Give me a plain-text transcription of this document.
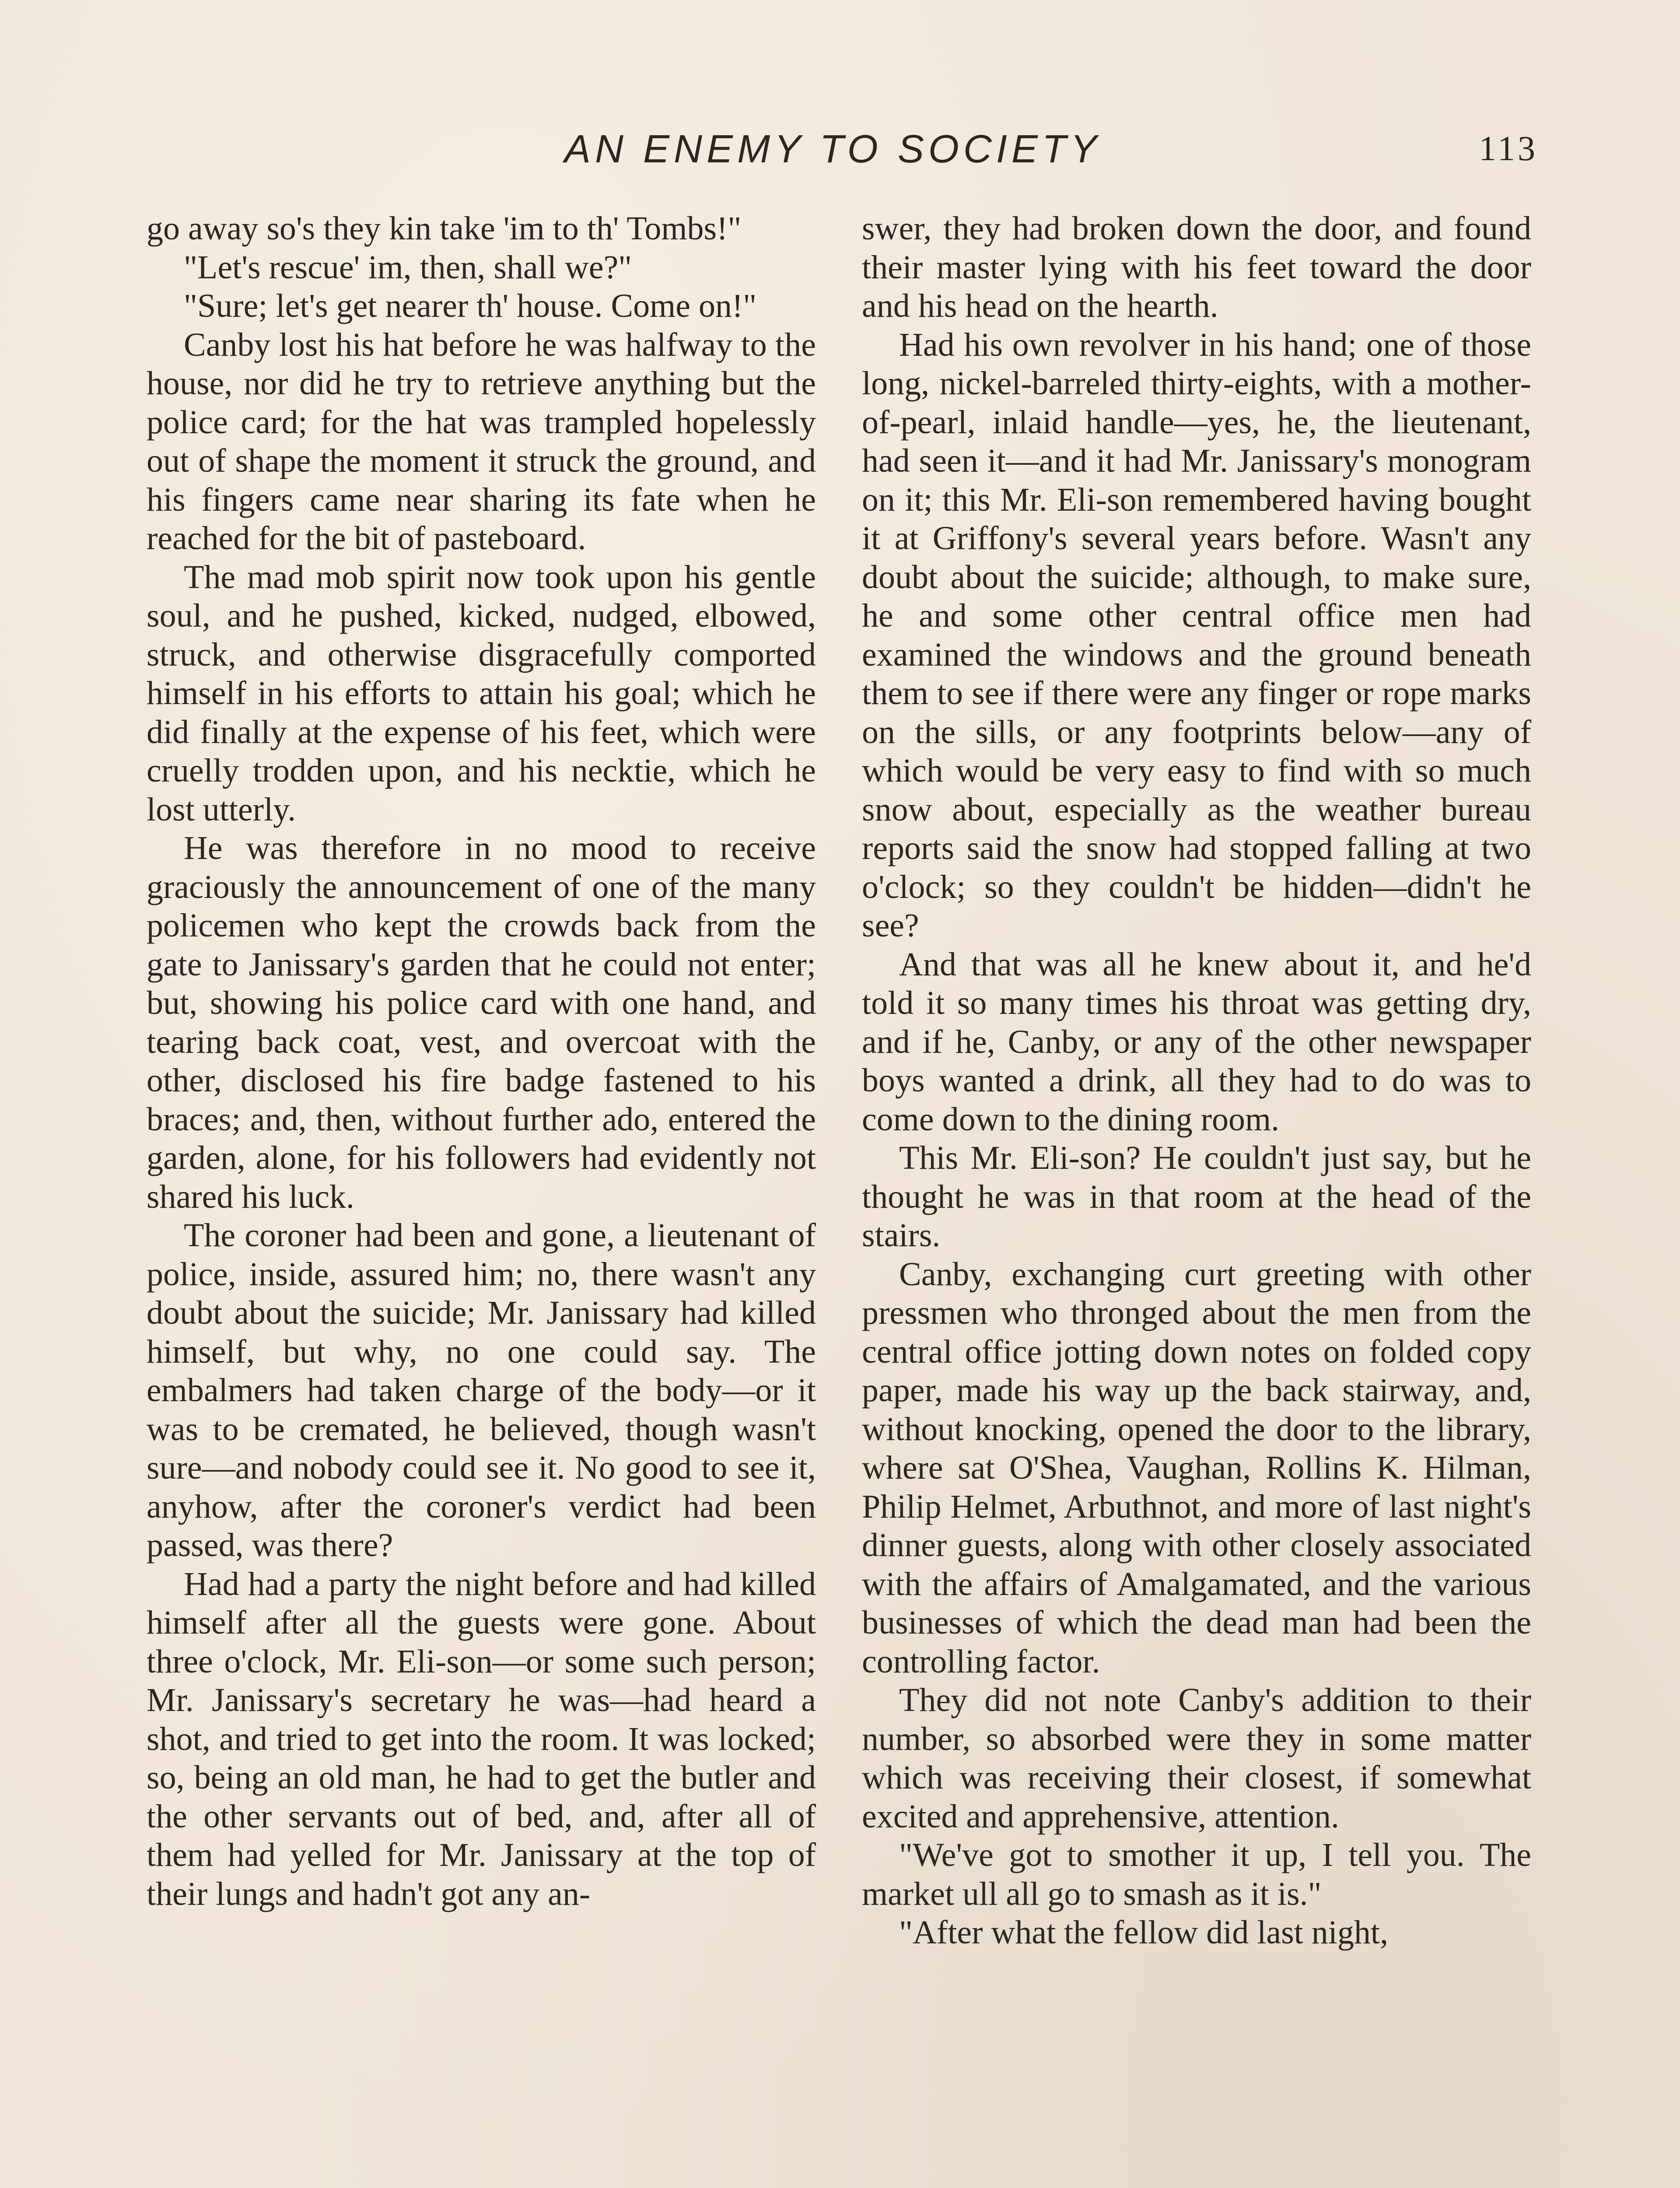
AN ENEMY TO SOCIETY	113

go away so's they kin take 'im to th' Tombs!"

"Let's rescue' im, then, shall we?"

"Sure; let's get nearer th' house. Come on!"

Canby lost his hat before he was halfway to the house, nor did he try to retrieve anything but the police card; for the hat was trampled hopelessly out of shape the moment it struck the ground, and his fingers came near sharing its fate when he reached for the bit of pasteboard.

The mad mob spirit now took upon his gentle soul, and he pushed, kicked, nudged, elbowed, struck, and otherwise disgracefully comported himself in his efforts to attain his goal; which he did finally at the expense of his feet, which were cruelly trodden upon, and his necktie, which he lost utterly.

He was therefore in no mood to receive graciously the announcement of one of the many policemen who kept the crowds back from the gate to Janissary's garden that he could not enter; but, showing his police card with one hand, and tearing back coat, vest, and overcoat with the other, disclosed his fire badge fastened to his braces; and, then, without further ado, entered the garden, alone, for his followers had evidently not shared his luck.

The coroner had been and gone, a lieutenant of police, inside, assured him; no, there wasn't any doubt about the suicide; Mr. Janissary had killed himself, but why, no one could say. The embalmers had taken charge of the body—or it was to be cremated, he believed, though wasn't sure—and nobody could see it. No good to see it, anyhow, after the coroner's verdict had been passed, was there?

Had had a party the night before and had killed himself after all the guests were gone. About three o'clock, Mr. Eli-son—or some such person; Mr. Janissary's secretary he was—had heard a shot, and tried to get into the room. It was locked; so, being an old man, he had to get the butler and the other servants out of bed, and, after all of them had yelled for Mr. Janissary at the top of their lungs and hadn't got any an-

swer, they had broken down the door, and found their master lying with his feet toward the door and his head on the hearth.

Had his own revolver in his hand; one of those long, nickel-barreled thirty-eights, with a mother-of-pearl, inlaid handle—yes, he, the lieutenant, had seen it—and it had Mr. Janissary's monogram on it; this Mr. Eli-son remembered having bought it at Griffony's several years before. Wasn't any doubt about the suicide; although, to make sure, he and some other central office men had examined the windows and the ground beneath them to see if there were any finger or rope marks on the sills, or any footprints below—any of which would be very easy to find with so much snow about, especially as the weather bureau reports said the snow had stopped falling at two o'clock; so they couldn't be hidden—didn't he see?

And that was all he knew about it, and he'd told it so many times his throat was getting dry, and if he, Canby, or any of the other newspaper boys wanted a drink, all they had to do was to come down to the dining room.

This Mr. Eli-son? He couldn't just say, but he thought he was in that room at the head of the stairs.

Canby, exchanging curt greeting with other pressmen who thronged about the men from the central office jotting down notes on folded copy paper, made his way up the back stairway, and, without knocking, opened the door to the library, where sat O'Shea, Vaughan, Rollins K. Hilman, Philip Helmet, Arbuthnot, and more of last night's dinner guests, along with other closely associated with the affairs of Amalgamated, and the various businesses of which the dead man had been the controlling factor.

They did not note Canby's addition to their number, so absorbed were they in some matter which was receiving their closest, if somewhat excited and apprehensive, attention.

"We've got to smother it up, I tell you. The market ull all go to smash as it is."

"After what the fellow did last night,
